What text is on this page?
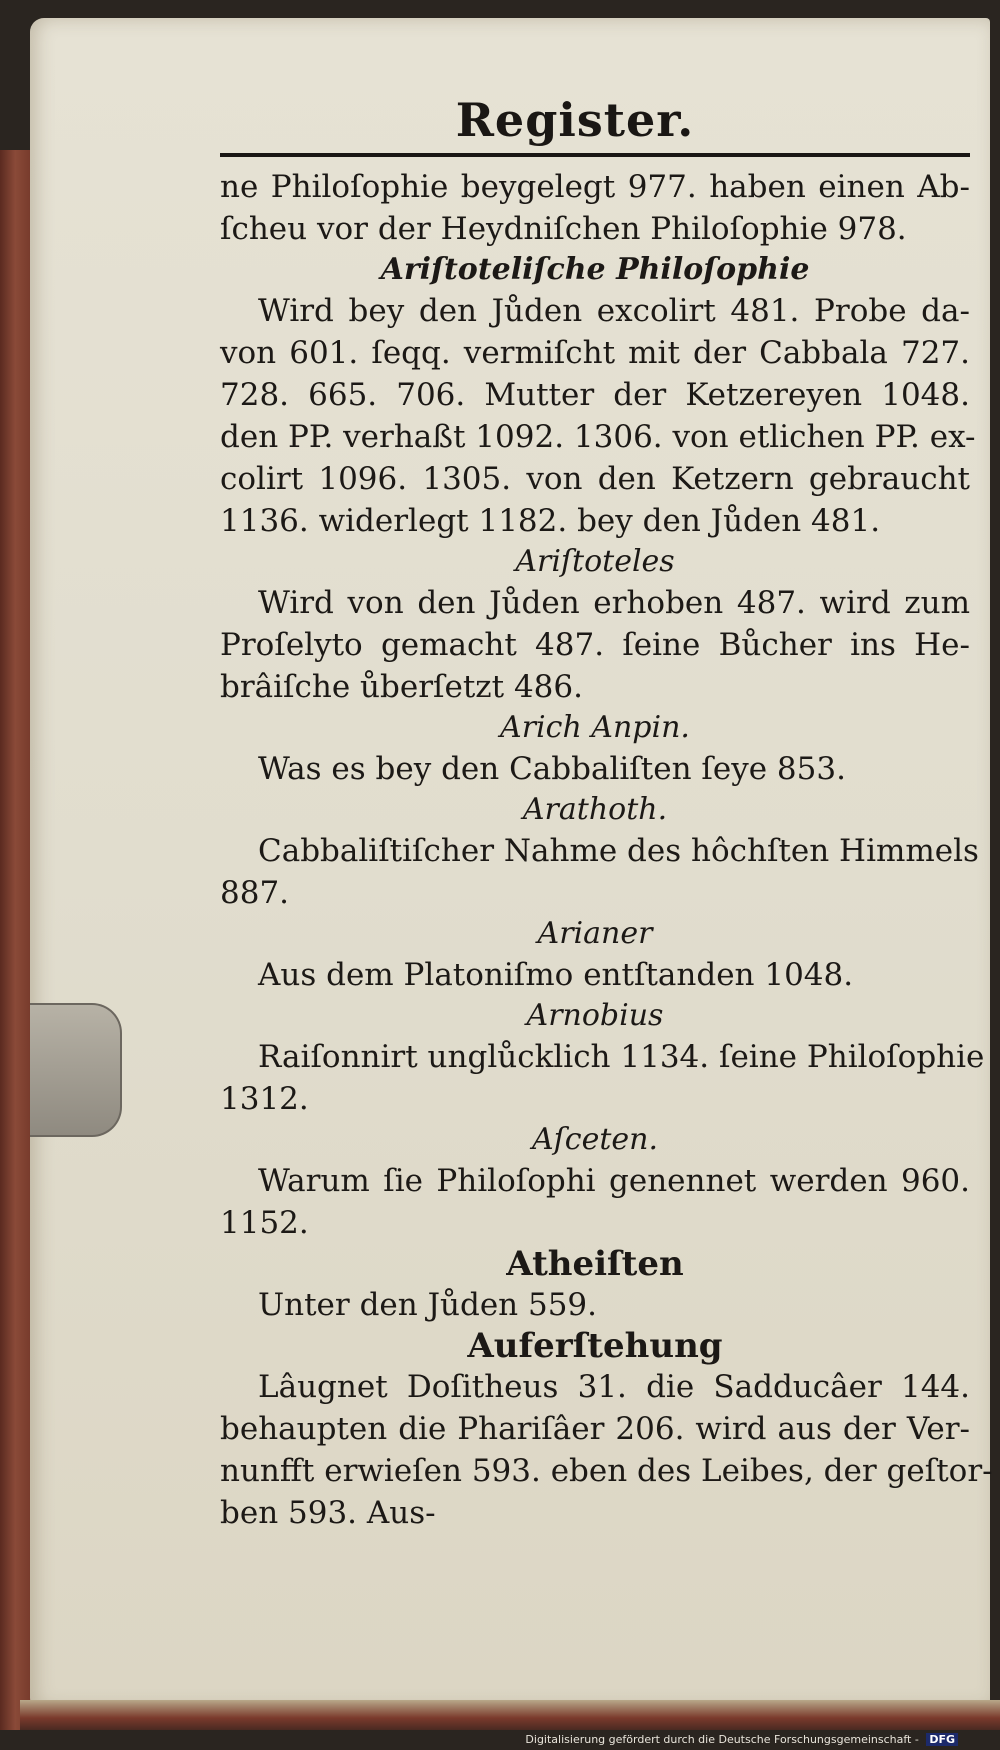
Register.
ne Philoſophie beygelegt 977. haben einen Ab-
ſcheu vor der Heydniſchen Philoſophie 978.
Ariſtoteliſche Philoſophie
Wird bey den Jůden excolirt 481. Probe da-
von 601. ſeqq. vermiſcht mit der Cabbala 727.
728. 665. 706. Mutter der Ketzereyen 1048.
den PP. verhaßt 1092. 1306. von etlichen PP. ex-
colirt 1096. 1305. von den Ketzern gebraucht
1136. widerlegt 1182. bey den Jůden 481.
Ariſtoteles
Wird von den Jůden erhoben 487. wird zum
Proſelyto gemacht 487. ſeine Bůcher ins He-
brâiſche ůberſetzt 486.
Arich Anpin.
Was es bey den Cabbaliſten ſeye 853.
Arathoth.
Cabbaliſtiſcher Nahme des hôchſten Himmels
887.
Arianer
Aus dem Platoniſmo entſtanden 1048.
Arnobius
Raiſonnirt unglůcklich 1134. ſeine Philoſophie
1312.
Aſceten.
Warum ſie Philoſophi genennet werden 960.
1152.
Atheiſten
Unter den Jůden 559.
Auferſtehung
Lâugnet Doſitheus 31. die Sadducâer 144.
behaupten die Phariſâer 206. wird aus der Ver-
nunfft erwieſen 593. eben des Leibes, der geſtor-
ben 593. Aus-
Digitalisierung gefördert durch die Deutsche Forschungsgemeinschaft - DFG
